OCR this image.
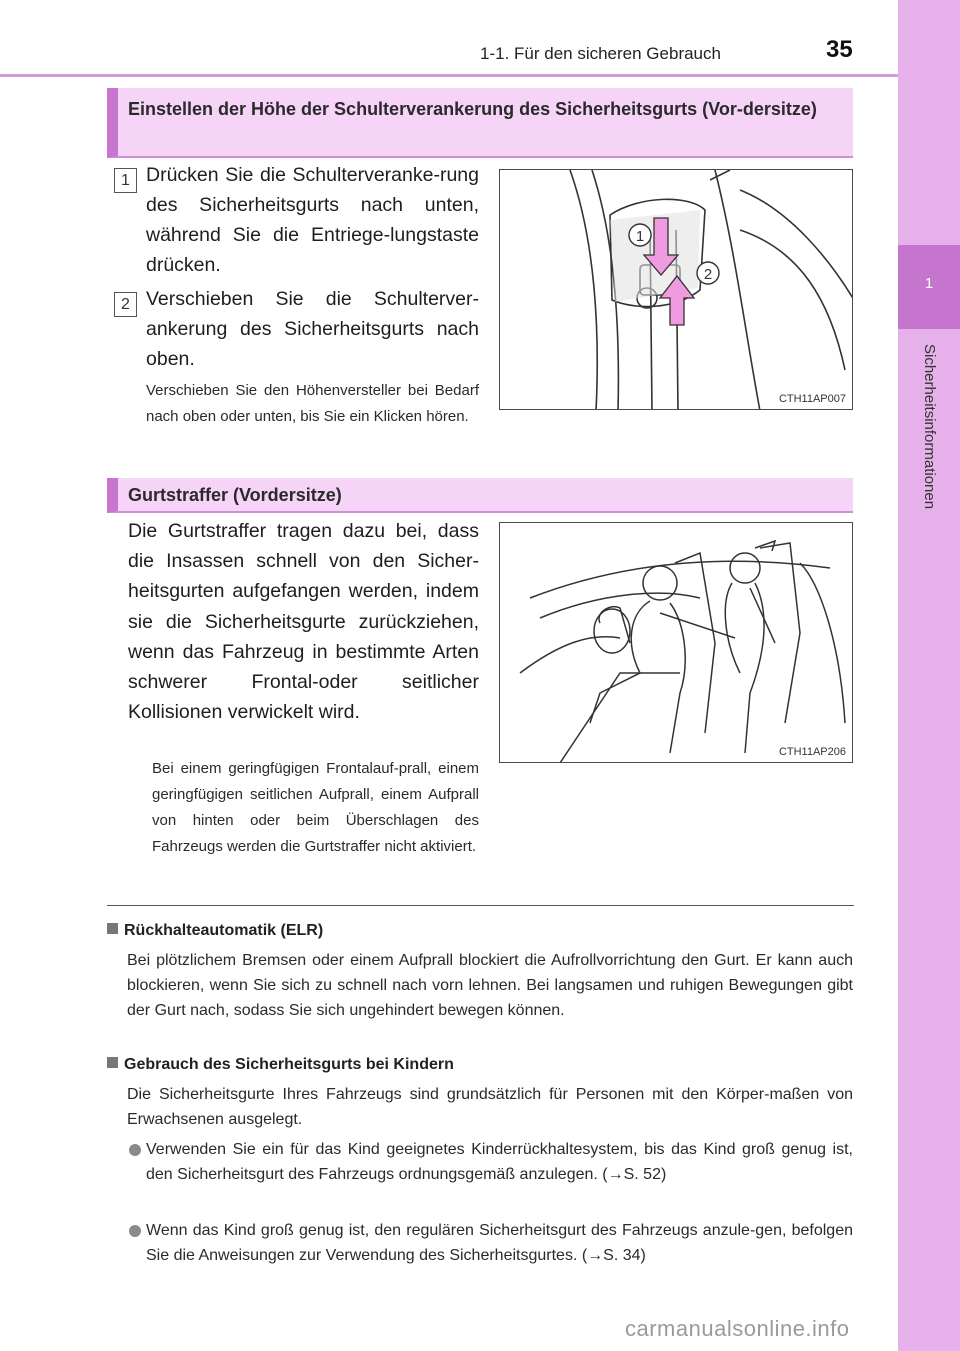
1-1. Für den sicheren Gebrauch	35
1
Sicherheitsinformationen
Einstellen der Höhe der Schulterverankerung des Sicherheitsgurts (Vor-dersitze)
1 Drücken Sie die Schulterveranke-rung des Sicherheitsgurts nach unten, während Sie die Entriege-lungstaste drücken.
2 Verschieben Sie die Schulterver-ankerung des Sicherheitsgurts nach oben.
Verschieben Sie den Höhenversteller bei Bedarf nach oben oder unten, bis Sie ein Klicken hören.
1
2
CTH11AP007
Gurtstraffer (Vordersitze)
Die Gurtstraffer tragen dazu bei, dass die Insassen schnell von den Sicher-heitsgurten aufgefangen werden, indem sie die Sicherheitsgurte zurückziehen, wenn das Fahrzeug in bestimmte Arten schwerer Frontal-oder seitlicher Kollisionen verwickelt wird.
Bei einem geringfügigen Frontalauf-prall, einem geringfügigen seitlichen Aufprall, einem Aufprall von hinten oder beim Überschlagen des Fahrzeugs werden die Gurtstraffer nicht aktiviert.
CTH11AP206
Rückhalteautomatik (ELR)
Bei plötzlichem Bremsen oder einem Aufprall blockiert die Aufrollvorrichtung den Gurt. Er kann auch blockieren, wenn Sie sich zu schnell nach vorn lehnen. Bei langsamen und ruhigen Bewegungen gibt der Gurt nach, sodass Sie sich ungehindert bewegen können.
Gebrauch des Sicherheitsgurts bei Kindern
Die Sicherheitsgurte Ihres Fahrzeugs sind grundsätzlich für Personen mit den Körper-maßen von Erwachsenen ausgelegt.
Verwenden Sie ein für das Kind geeignetes Kinderrückhaltesystem, bis das Kind groß genug ist, den Sicherheitsgurt des Fahrzeugs ordnungsgemäß anzulegen. (→S. 52)
Wenn das Kind groß genug ist, den regulären Sicherheitsgurt des Fahrzeugs anzule-gen, befolgen Sie die Anweisungen zur Verwendung des Sicherheitsgurtes. (→S. 34)
carmanualsonline.info
